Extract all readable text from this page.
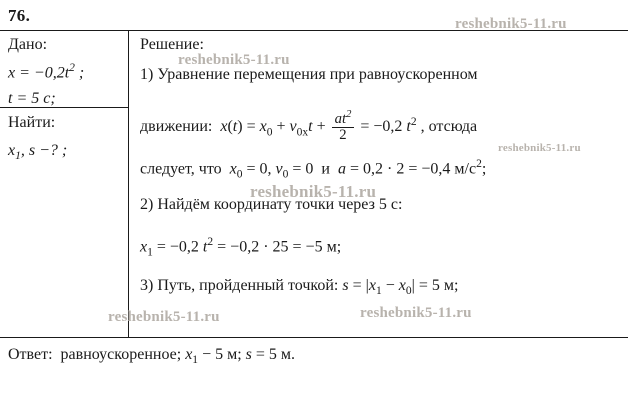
76.
Дано:
$x = -0,2t^2$ ;
t = 5 с;
Найти:
$x_1$, s −? ;
Решение:
1) Уравнение перемещения при равноускоренном
движении:  $x(t) = x_0 + v_{0x}t + \frac{at^2}{2} = -0,2$ $t^2$ , отсюда
следует, что  $x_0 = 0$, $v_0 = 0$  и  a = 0,2 · 2 = −0,4 $м/с^2$;
2) Найдём координату точки через 5 с:
$x_1 = -0,2$ $t^2 = -0,2 \cdot 25 = -5$ м;
3) Путь, пройденный точкой: $s = |x_1 - x_0| = 5$ м;
Ответ:  равноускоренное; $x_1 - 5$ м; s = 5 м.
reshebnik5-11.ru
reshebnik5-11.ru
reshebnik5-11.ru
reshebnik5-11.ru
reshebnik5-11.ru	reshebnik5-11.ru
